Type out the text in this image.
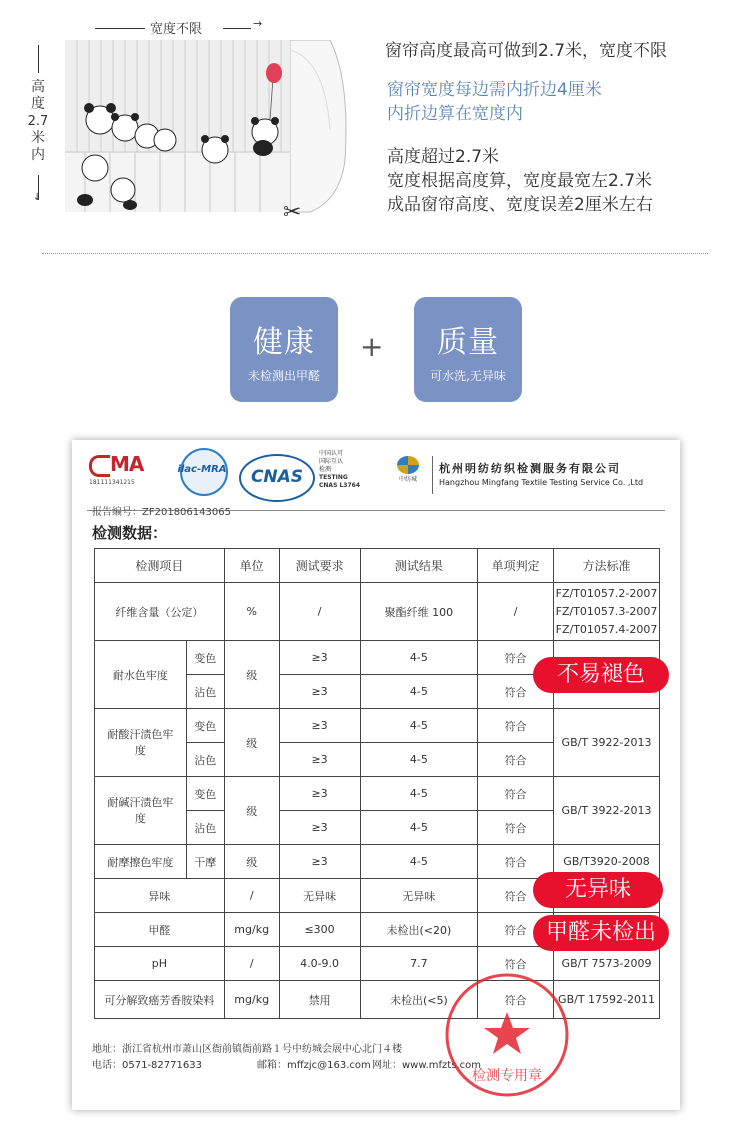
宽度不限	→
高
度
2.7
米
内
↓
✂
窗帘高度最高可做到2.7米，宽度不限
窗帘宽度每边需内折边4厘米
内折边算在宽度内
高度超过2.7米
宽度根据高度算，宽度最宽左2.7米
成品窗帘高度、宽度误差2厘米左右
健康
未检测出甲醛
+	质量
可水洗,无异味
MA
181111341215
ilac-MRA	CNAS
中国认可
国际互认
检测
TESTING
CNAS L3764
中纺城
杭州明纺纺织检测服务有限公司
Hangzhou Mingfang Textile Testing Service Co. ,Ltd
报告编号：ZF201806143065
检测数据：
检测项目		单位	测试要求	测试结果	单项判定	方法标准
纤维含量（公定）		%	/	聚酯纤维 100	/	FZ/T01057.2-2007
FZ/T01057.3-2007
FZ/T01057.4-2007

耐水色牢度	变色	级	≥3	4-5	符合	
	沾色		≥3	4-5	符合	
耐酸汗渍色牢度	变色	级	≥3	4-5	符合	GB/T 3922-2013
	沾色		≥3	4-5	符合	
耐碱汗渍色牢度	变色	级	≥3	4-5	符合	GB/T 3922-2013
	沾色		≥3	4-5	符合	
耐摩擦色牢度	干摩	级	≥3	4-5	符合	GB/T3920-2008
异味		/	无异味	无异味	符合	
甲醛		mg/kg	≤300	未检出(<20)	符合	
pH		/	4.0-9.0	7.7	符合	GB/T 7573-2009
可分解致癌芳香胺染料		mg/kg	禁用	未检出(<5)	符合	GB/T 17592-2011
地址：浙江省杭州市萧山区衙前镇衙前路１号中纺城会展中心北门４楼
电话：0571-82771633	邮箱：mffzjc@163.com 网址：www.mfzts.com
检测专用章
不易褪色
无异味
甲醛未检出
